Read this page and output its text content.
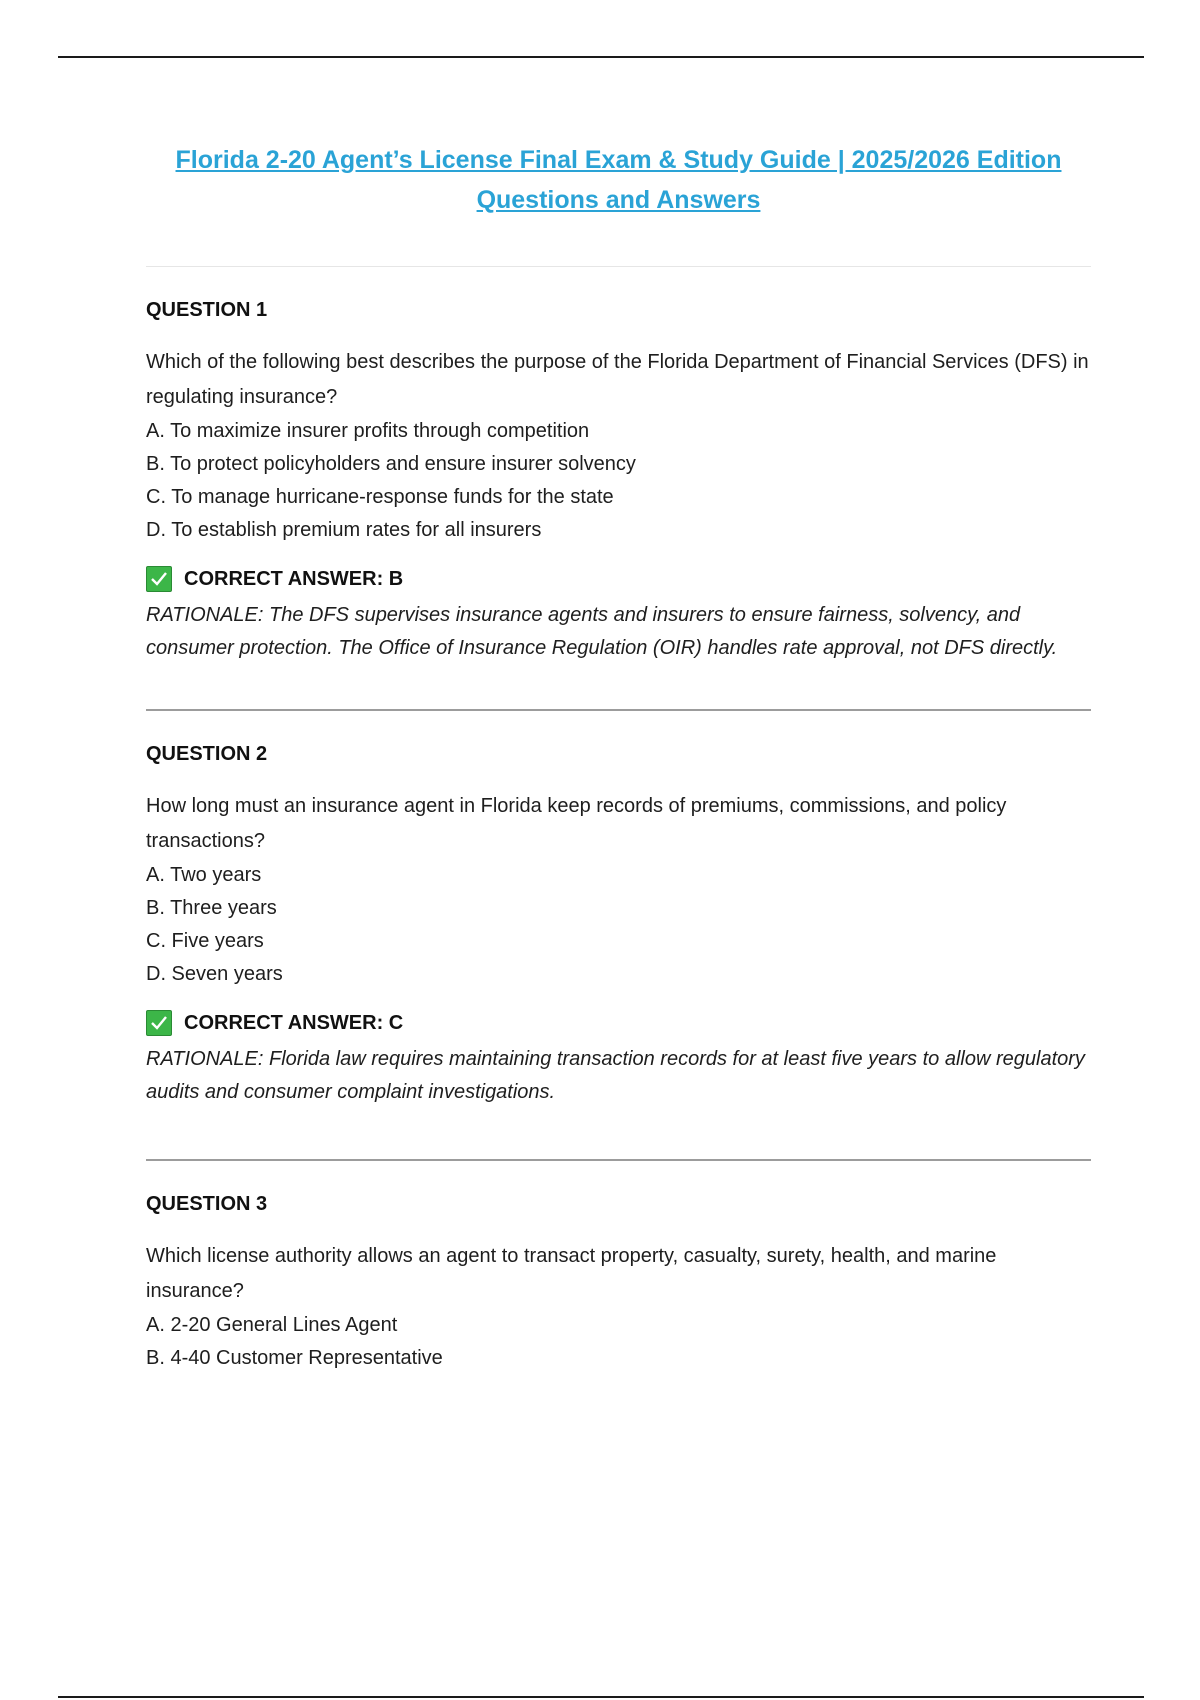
Florida 2-20 Agent’s License Final Exam & Study Guide | 2025/2026 Edition
Questions and Answers
QUESTION 1

Which of the following best describes the purpose of the Florida Department of Financial Services (DFS) in regulating insurance?

A. To maximize insurer profits through competition
B. To protect policyholders and ensure insurer solvency
C. To manage hurricane-response funds for the state
D. To establish premium rates for all insurers
CORRECT ANSWER: B

RATIONALE: The DFS supervises insurance agents and insurers to ensure fairness, solvency, and consumer protection. The Office of Insurance Regulation (OIR) handles rate approval, not DFS directly.

QUESTION 2

How long must an insurance agent in Florida keep records of premiums, commissions, and policy transactions?

A. Two years
B. Three years
C. Five years
D. Seven years
CORRECT ANSWER: C

RATIONALE: Florida law requires maintaining transaction records for at least five years to allow regulatory audits and consumer complaint investigations.

QUESTION 3

Which license authority allows an agent to transact property, casualty, surety, health, and marine insurance?

A. 2-20 General Lines Agent
B. 4-40 Customer Representative
